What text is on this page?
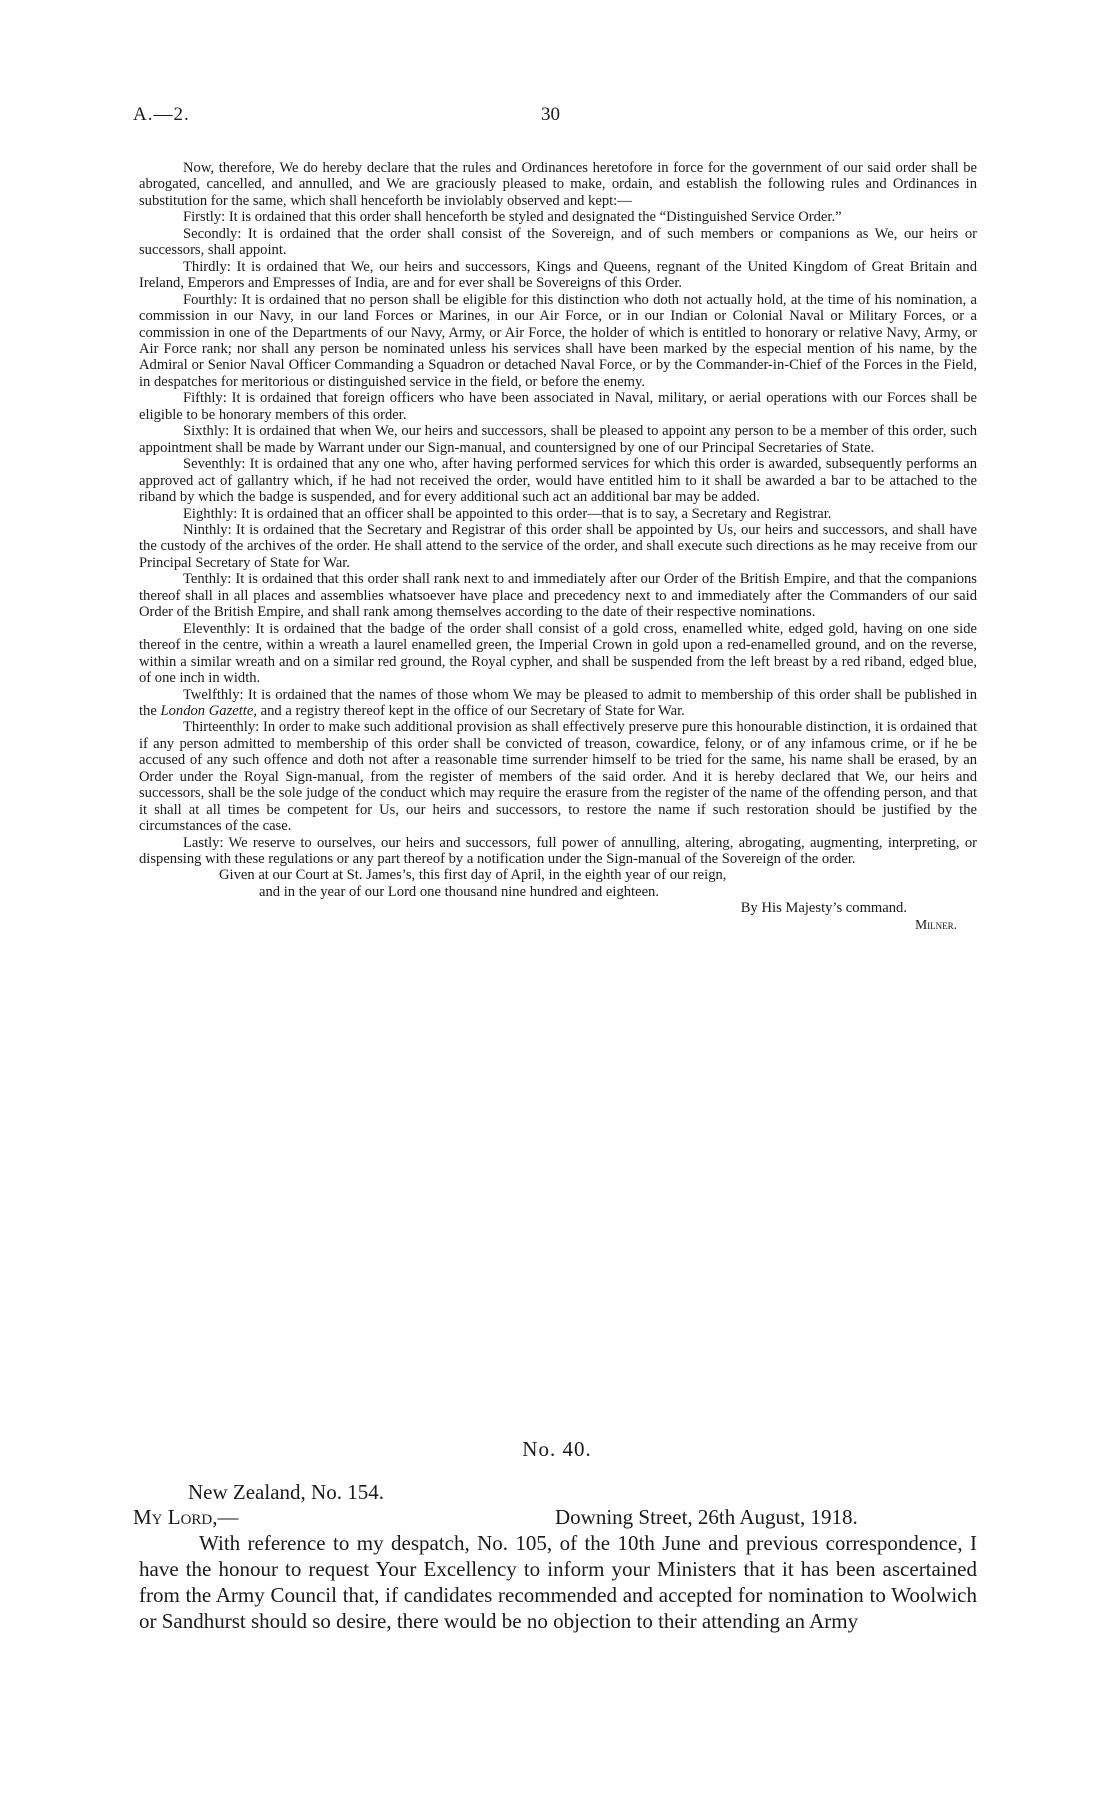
A.—2.	30

Now, therefore, We do hereby declare that the rules and Ordinances heretofore in force for the government of our said order shall be abrogated, cancelled, and annulled, and We are graciously pleased to make, ordain, and establish the following rules and Ordinances in substitution for the same, which shall henceforth be inviolably observed and kept:—

Firstly: It is ordained that this order shall henceforth be styled and designated the “Distinguished Service Order.”

Secondly: It is ordained that the order shall consist of the Sovereign, and of such members or companions as We, our heirs or successors, shall appoint.

Thirdly: It is ordained that We, our heirs and successors, Kings and Queens, regnant of the United Kingdom of Great Britain and Ireland, Emperors and Empresses of India, are and for ever shall be Sovereigns of this Order.

Fourthly: It is ordained that no person shall be eligible for this distinction who doth not actually hold, at the time of his nomination, a commission in our Navy, in our land Forces or Marines, in our Air Force, or in our Indian or Colonial Naval or Military Forces, or a commission in one of the Departments of our Navy, Army, or Air Force, the holder of which is entitled to honorary or relative Navy, Army, or Air Force rank; nor shall any person be nominated unless his services shall have been marked by the especial mention of his name, by the Admiral or Senior Naval Officer Commanding a Squadron or detached Naval Force, or by the Commander-in-Chief of the Forces in the Field, in despatches for meritorious or distinguished service in the field, or before the enemy.

Fifthly: It is ordained that foreign officers who have been associated in Naval, military, or aerial operations with our Forces shall be eligible to be honorary members of this order.

Sixthly: It is ordained that when We, our heirs and successors, shall be pleased to appoint any person to be a member of this order, such appointment shall be made by Warrant under our Sign-manual, and countersigned by one of our Principal Secretaries of State.

Seventhly: It is ordained that any one who, after having performed services for which this order is awarded, subsequently performs an approved act of gallantry which, if he had not received the order, would have entitled him to it shall be awarded a bar to be attached to the riband by which the badge is suspended, and for every additional such act an additional bar may be added.

Eighthly: It is ordained that an officer shall be appointed to this order—that is to say, a Secretary and Registrar.

Ninthly: It is ordained that the Secretary and Registrar of this order shall be appointed by Us, our heirs and successors, and shall have the custody of the archives of the order. He shall attend to the service of the order, and shall execute such directions as he may receive from our Principal Secretary of State for War.

Tenthly: It is ordained that this order shall rank next to and immediately after our Order of the British Empire, and that the companions thereof shall in all places and assemblies whatsoever have place and precedency next to and immediately after the Commanders of our said Order of the British Empire, and shall rank among themselves according to the date of their respective nominations.

Eleventhly: It is ordained that the badge of the order shall consist of a gold cross, enamelled white, edged gold, having on one side thereof in the centre, within a wreath a laurel enamelled green, the Imperial Crown in gold upon a red-enamelled ground, and on the reverse, within a similar wreath and on a similar red ground, the Royal cypher, and shall be suspended from the left breast by a red riband, edged blue, of one inch in width.

Twelfthly: It is ordained that the names of those whom We may be pleased to admit to membership of this order shall be published in the London Gazette, and a registry thereof kept in the office of our Secretary of State for War.

Thirteenthly: In order to make such additional provision as shall effectively preserve pure this honourable distinction, it is ordained that if any person admitted to membership of this order shall be convicted of treason, cowardice, felony, or of any infamous crime, or if he be accused of any such offence and doth not after a reasonable time surrender himself to be tried for the same, his name shall be erased, by an Order under the Royal Sign-manual, from the register of members of the said order. And it is hereby declared that We, our heirs and successors, shall be the sole judge of the conduct which may require the erasure from the register of the name of the offending person, and that it shall at all times be competent for Us, our heirs and successors, to restore the name if such restoration should be justified by the circumstances of the case.

Lastly: We reserve to ourselves, our heirs and successors, full power of annulling, altering, abrogating, augmenting, interpreting, or dispensing with these regulations or any part thereof by a notification under the Sign-manual of the Sovereign of the order.

Given at our Court at St. James’s, this first day of April, in the eighth year of our reign,

and in the year of our Lord one thousand nine hundred and eighteen.

By His Majesty’s command.

Milner.

No. 40.
New Zealand, No. 154.
My Lord,—	Downing Street, 26th August, 1918.

With reference to my despatch, No. 105, of the 10th June and previous correspondence, I have the honour to request Your Excellency to inform your Ministers that it has been ascertained from the Army Council that, if candidates recommended and accepted for nomination to Woolwich or Sandhurst should so desire, there would be no objection to their attending an Army
